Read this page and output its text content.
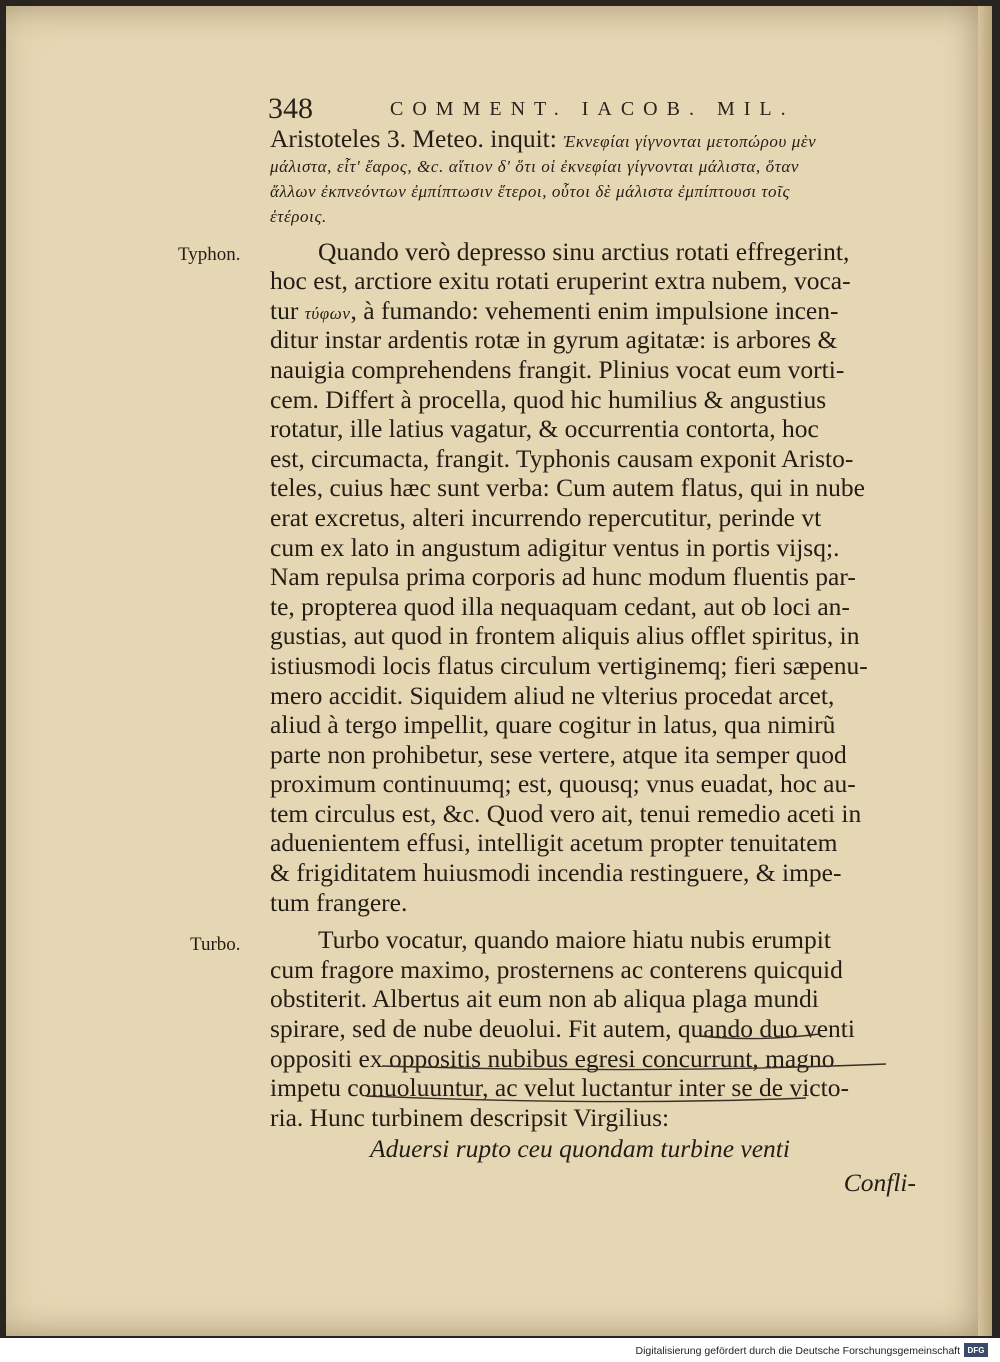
348	COMMENT. IACOB. MIL.
Typhon.
Turbo.
Aristoteles 3. Meteo. inquit: Ἐκνεφίαι γίγνονται μετοπώρου μὲν
μάλιστα, εἶτ' ἔαρος, &c. αἴτιον δ' ὅτι οἱ ἐκνεφίαι γίγνονται μάλιστα, ὅταν
ἄλλων ἐκπνεόντων ἐμπίπτωσιν ἕτεροι, οὗτοι δὲ μάλιστα ἐμπίπτουσι τοῖς
ἑτέροις.
Quando verò depresso sinu arctius rotati effregerint,
hoc est, arctiore exitu rotati eruperint extra nubem, voca-
tur τύφων, à fumando: vehementi enim impulsione incen-
ditur instar ardentis rotæ in gyrum agitatæ: is arbores &
nauigia comprehendens frangit. Plinius vocat eum vorti-
cem. Differt à procella, quod hic humilius & angustius
rotatur, ille latius vagatur, & occurrentia contorta, hoc
est, circumacta, frangit. Typhonis causam exponit Aristo-
teles, cuius hæc sunt verba: Cum autem flatus, qui in nube
erat excretus, alteri incurrendo repercutitur, perinde vt
cum ex lato in angustum adigitur ventus in portis vijsq;.
Nam repulsa prima corporis ad hunc modum fluentis par-
te, propterea quod illa nequaquam cedant, aut ob loci an-
gustias, aut quod in frontem aliquis alius offlet spiritus, in
istiusmodi locis flatus circulum vertiginemq; fieri sæpenu-
mero accidit. Siquidem aliud ne vlterius procedat arcet,
aliud à tergo impellit, quare cogitur in latus, qua nimirũ
parte non prohibetur, sese vertere, atque ita semper quod
proximum continuumq; est, quousq; vnus euadat, hoc au-
tem circulus est, &c. Quod vero ait, tenui remedio aceti in
aduenientem effusi, intelligit acetum propter tenuitatem
& frigiditatem huiusmodi incendia restinguere, & impe-
tum frangere.
Turbo vocatur, quando maiore hiatu nubis erumpit
cum fragore maximo, prosternens ac conterens quicquid
obstiterit. Albertus ait eum non ab aliqua plaga mundi
spirare, sed de nube deuolui. Fit autem, quando duo venti
oppositi ex oppositis nubibus egresi concurrunt, magno
impetu conuoluuntur, ac velut luctantur inter se de victo-
ria. Hunc turbinem descripsit Virgilius:
Aduersi rupto ceu quondam turbine venti
Confli-
Digitalisierung gefördert durch die Deutsche Forschungsgemeinschaft DFG
